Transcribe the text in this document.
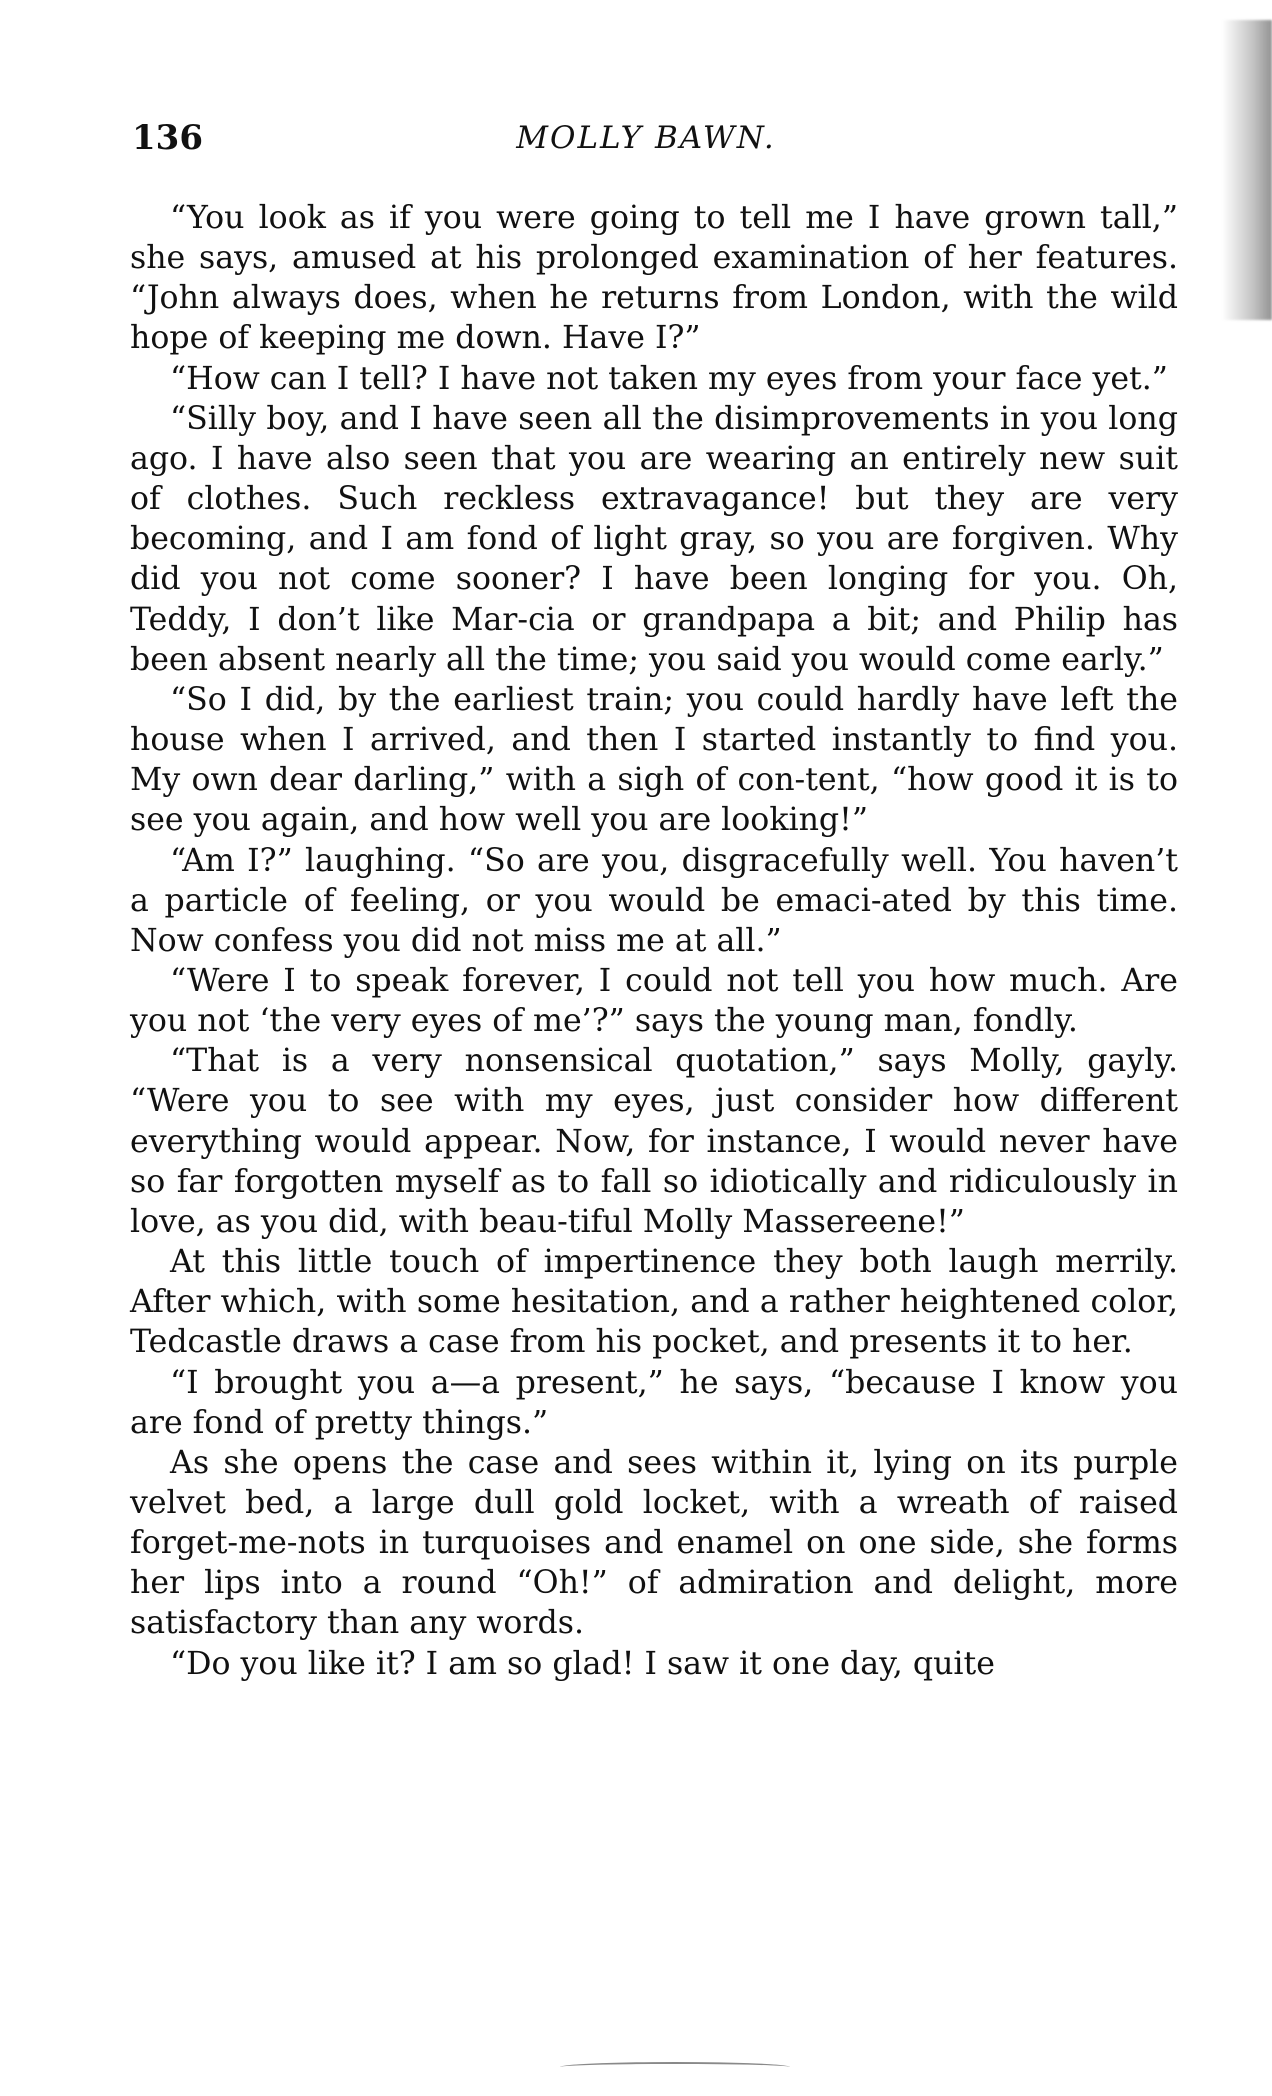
136	MOLLY BAWN.

“You look as if you were going to tell me I have grown tall,” she says, amused at his prolonged examination of her features. “John always does, when he returns from London, with the wild hope of keeping me down. Have I?”

“How can I tell? I have not taken my eyes from your face yet.”

“Silly boy, and I have seen all the disimprovements in you long ago. I have also seen that you are wearing an entirely new suit of clothes. Such reckless extravagance! but they are very becoming, and I am fond of light gray, so you are forgiven. Why did you not come sooner? I have been longing for you. Oh, Teddy, I don’t like Mar-cia or grandpapa a bit; and Philip has been absent nearly all the time; you said you would come early.”

“So I did, by the earliest train; you could hardly have left the house when I arrived, and then I started instantly to find you. My own dear darling,” with a sigh of con-tent, “how good it is to see you again, and how well you are looking!”

“Am I?” laughing. “So are you, disgracefully well. You haven’t a particle of feeling, or you would be emaci-ated by this time. Now confess you did not miss me at all.”

“Were I to speak forever, I could not tell you how much. Are you not ‘the very eyes of me’?” says the young man, fondly.

“That is a very nonsensical quotation,” says Molly, gayly. “Were you to see with my eyes, just consider how different everything would appear. Now, for instance, I would never have so far forgotten myself as to fall so idiotically and ridiculously in love, as you did, with beau-tiful Molly Massereene!”

At this little touch of impertinence they both laugh merrily. After which, with some hesitation, and a rather heightened color, Tedcastle draws a case from his pocket, and presents it to her.

“I brought you a—a present,” he says, “because I know you are fond of pretty things.”

As she opens the case and sees within it, lying on its purple velvet bed, a large dull gold locket, with a wreath of raised forget-me-nots in turquoises and enamel on one side, she forms her lips into a round “Oh!” of admiration and delight, more satisfactory than any words.

“Do you like it? I am so glad! I saw it one day, quite
